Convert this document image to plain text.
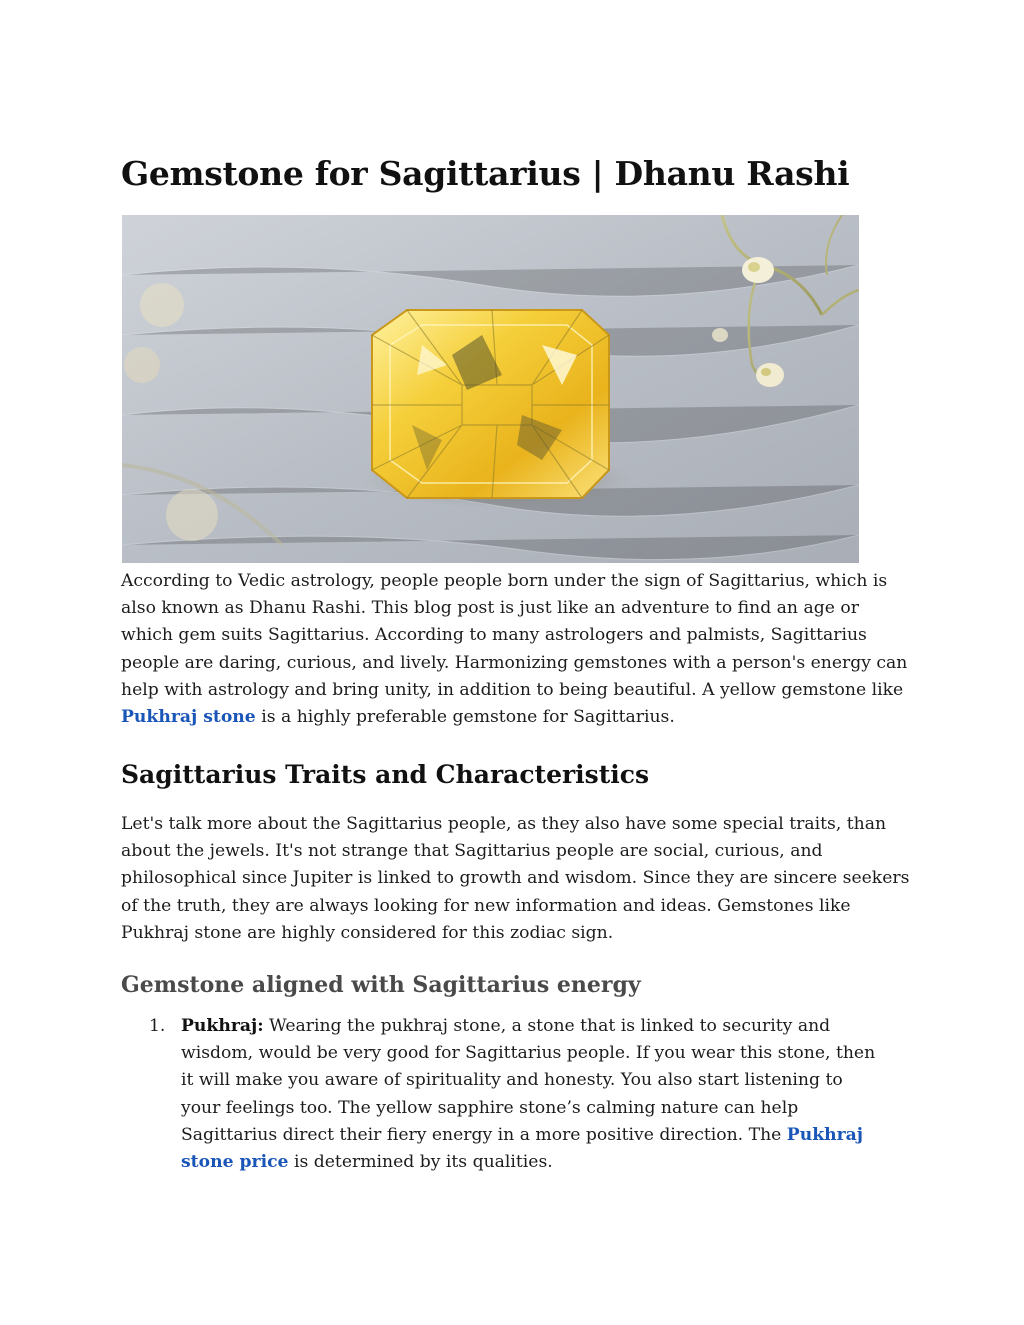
Gemstone for Sagittarius | Dhanu Rashi

According to Vedic astrology, people people born under the sign of Sagittarius, which is also known as Dhanu Rashi. This blog post is just like an adventure to find an age or which gem suits Sagittarius. According to many astrologers and palmists, Sagittarius people are daring, curious, and lively. Harmonizing gemstones with a person's energy can help with astrology and bring unity, in addition to being beautiful. A yellow gemstone like Pukhraj stone is a highly preferable gemstone for Sagittarius.

Sagittarius Traits and Characteristics

Let's talk more about the Sagittarius people, as they also have some special traits, than about the jewels. It's not strange that Sagittarius people are social, curious, and philosophical since Jupiter is linked to growth and wisdom. Since they are sincere seekers of the truth, they are always looking for new information and ideas. Gemstones like Pukhraj stone are highly considered for this zodiac sign.

Gemstone aligned with Sagittarius energy
1. Pukhraj: Wearing the pukhraj stone, a stone that is linked to security and wisdom, would be very good for Sagittarius people. If you wear this stone, then it will make you aware of spirituality and honesty. You also start listening to your feelings too. The yellow sapphire stone’s calming nature can help Sagittarius direct their fiery energy in a more positive direction. The Pukhraj stone price is determined by its qualities.
